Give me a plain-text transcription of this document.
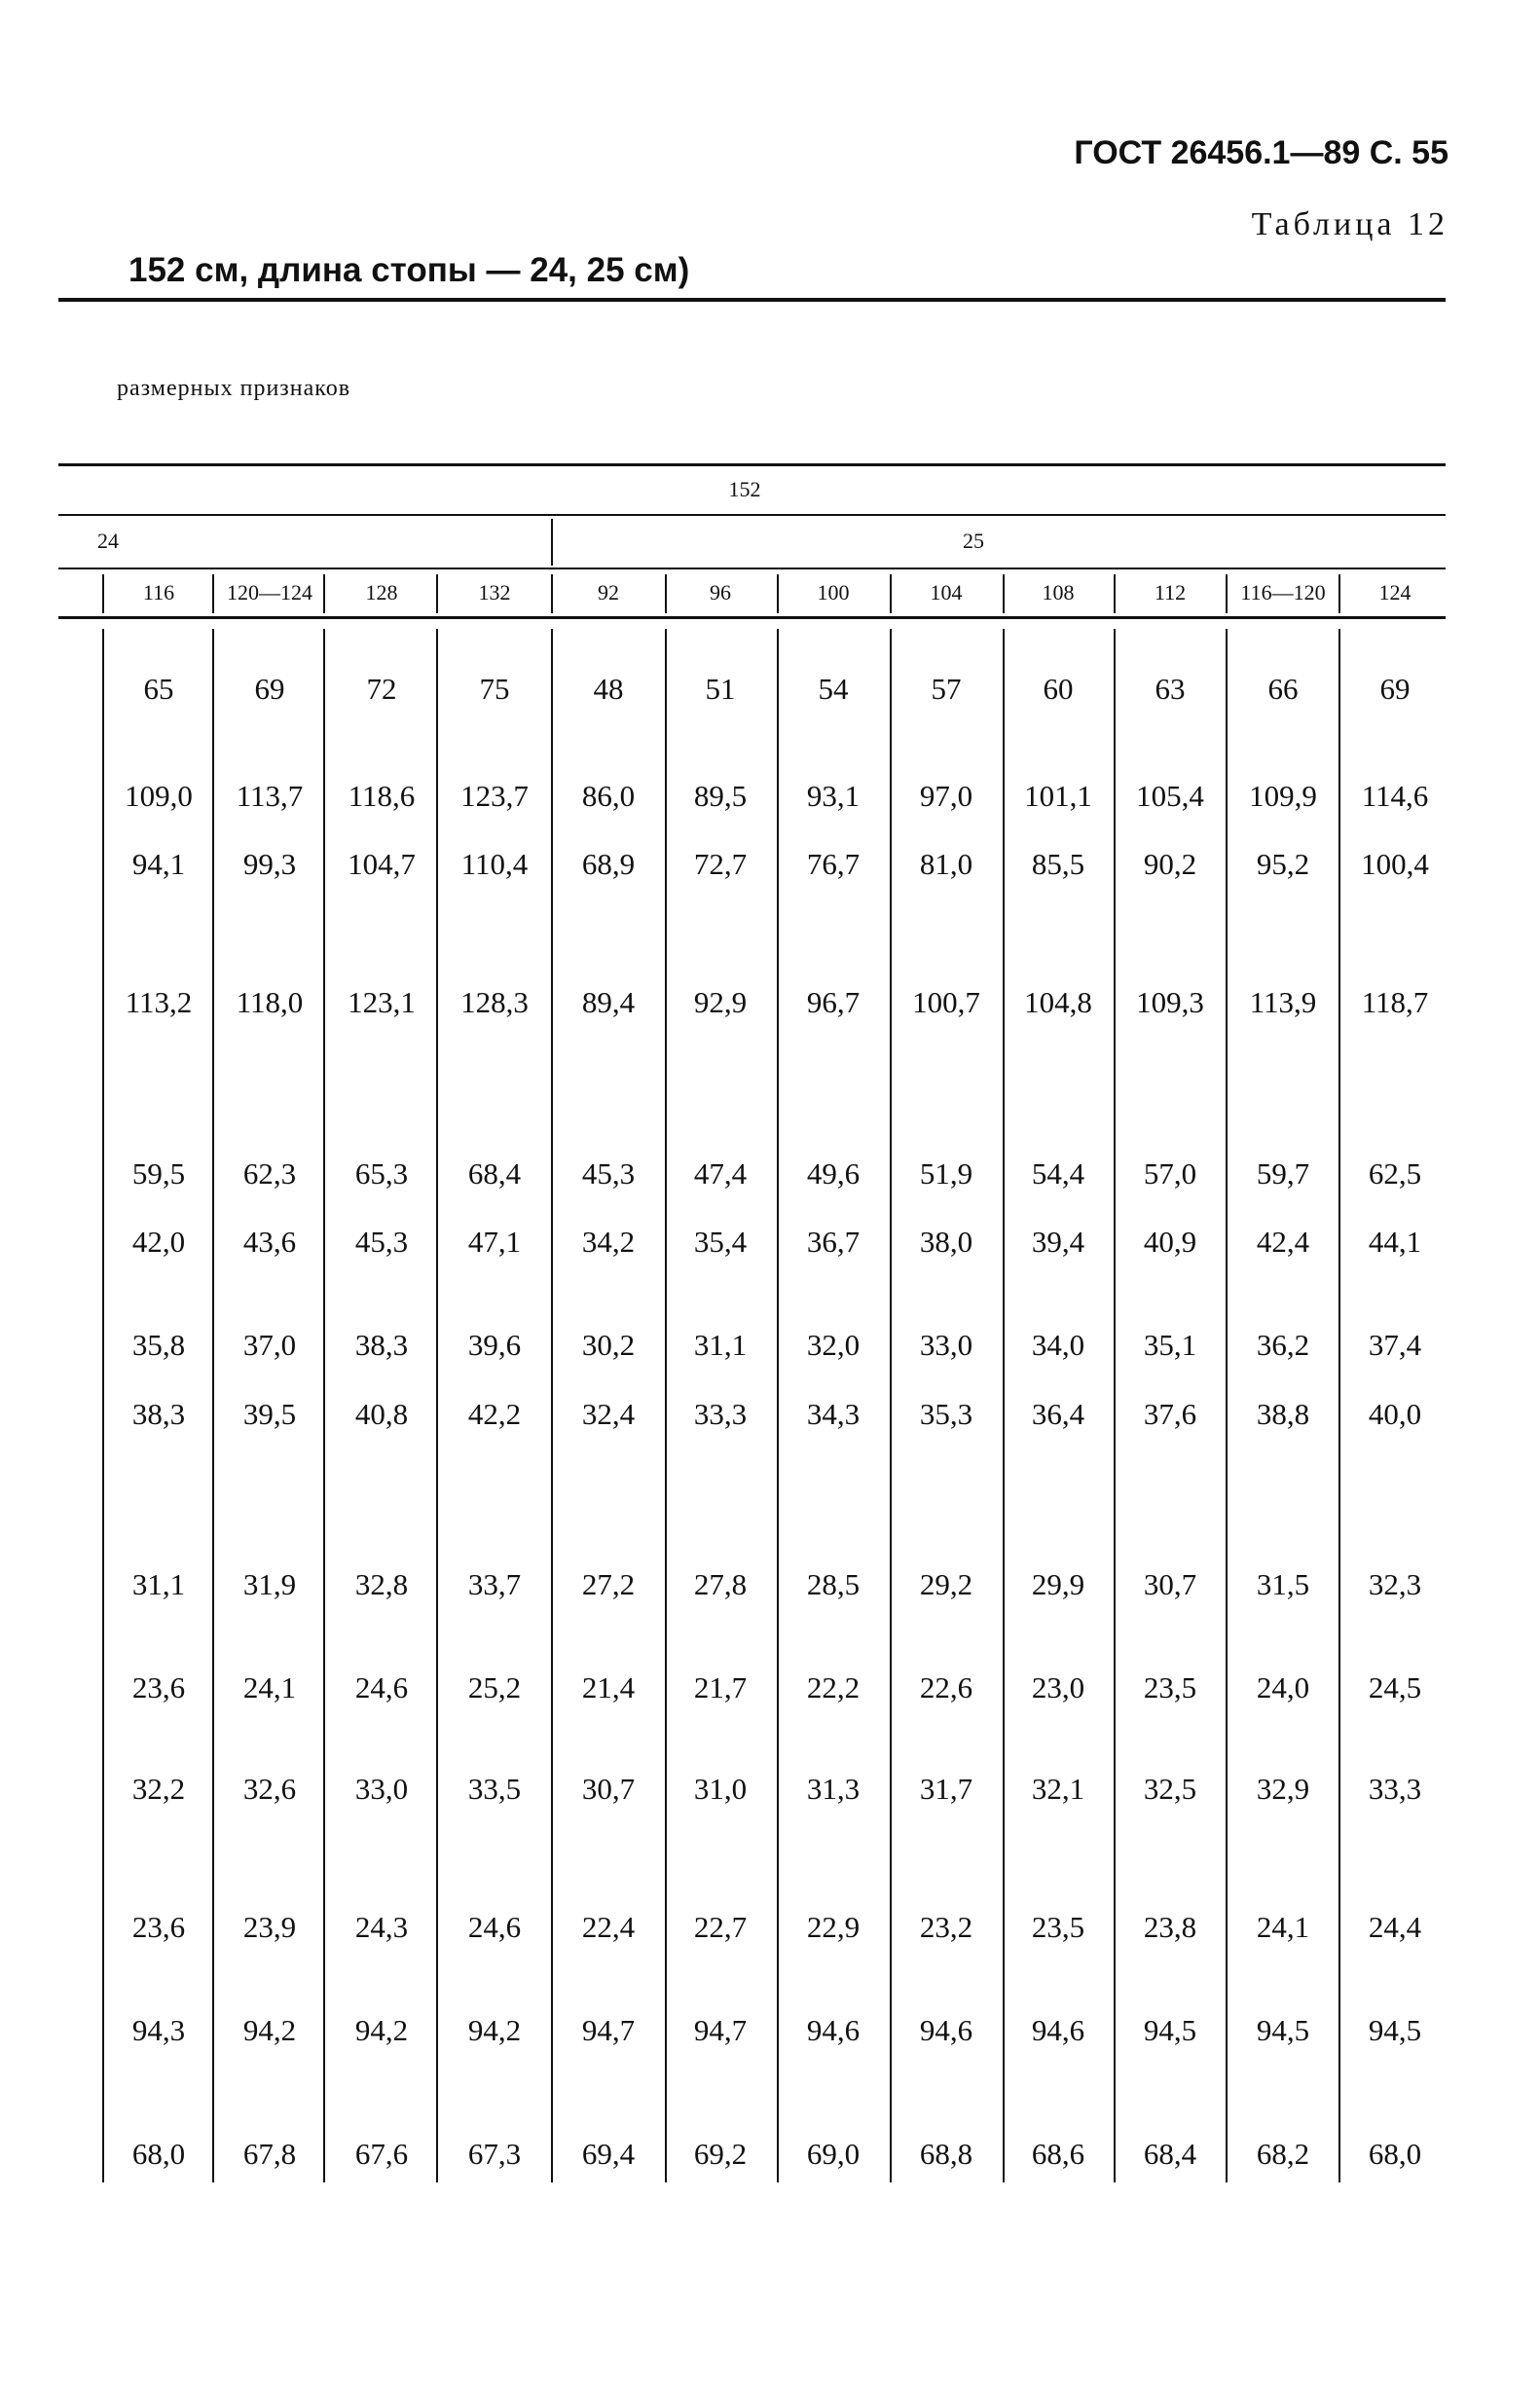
ГОСТ 26456.1—89 С. 55
Таблица 12
152 см, длина стопы — 24, 25 см)
размерных признаков
152
24	25
116	120—124	128	132	92	96	100	104	108	112	116—120	124
65	69	72	75	48	51	54	57	60	63	66	69
109,0	113,7	118,6	123,7	86,0	89,5	93,1	97,0	101,1	105,4	109,9	114,6
94,1	99,3	104,7	110,4	68,9	72,7	76,7	81,0	85,5	90,2	95,2	100,4
113,2	118,0	123,1	128,3	89,4	92,9	96,7	100,7	104,8	109,3	113,9	118,7
59,5	62,3	65,3	68,4	45,3	47,4	49,6	51,9	54,4	57,0	59,7	62,5
42,0	43,6	45,3	47,1	34,2	35,4	36,7	38,0	39,4	40,9	42,4	44,1
35,8	37,0	38,3	39,6	30,2	31,1	32,0	33,0	34,0	35,1	36,2	37,4
38,3	39,5	40,8	42,2	32,4	33,3	34,3	35,3	36,4	37,6	38,8	40,0
31,1	31,9	32,8	33,7	27,2	27,8	28,5	29,2	29,9	30,7	31,5	32,3
23,6	24,1	24,6	25,2	21,4	21,7	22,2	22,6	23,0	23,5	24,0	24,5
32,2	32,6	33,0	33,5	30,7	31,0	31,3	31,7	32,1	32,5	32,9	33,3
23,6	23,9	24,3	24,6	22,4	22,7	22,9	23,2	23,5	23,8	24,1	24,4
94,3	94,2	94,2	94,2	94,7	94,7	94,6	94,6	94,6	94,5	94,5	94,5
68,0	67,8	67,6	67,3	69,4	69,2	69,0	68,8	68,6	68,4	68,2	68,0
